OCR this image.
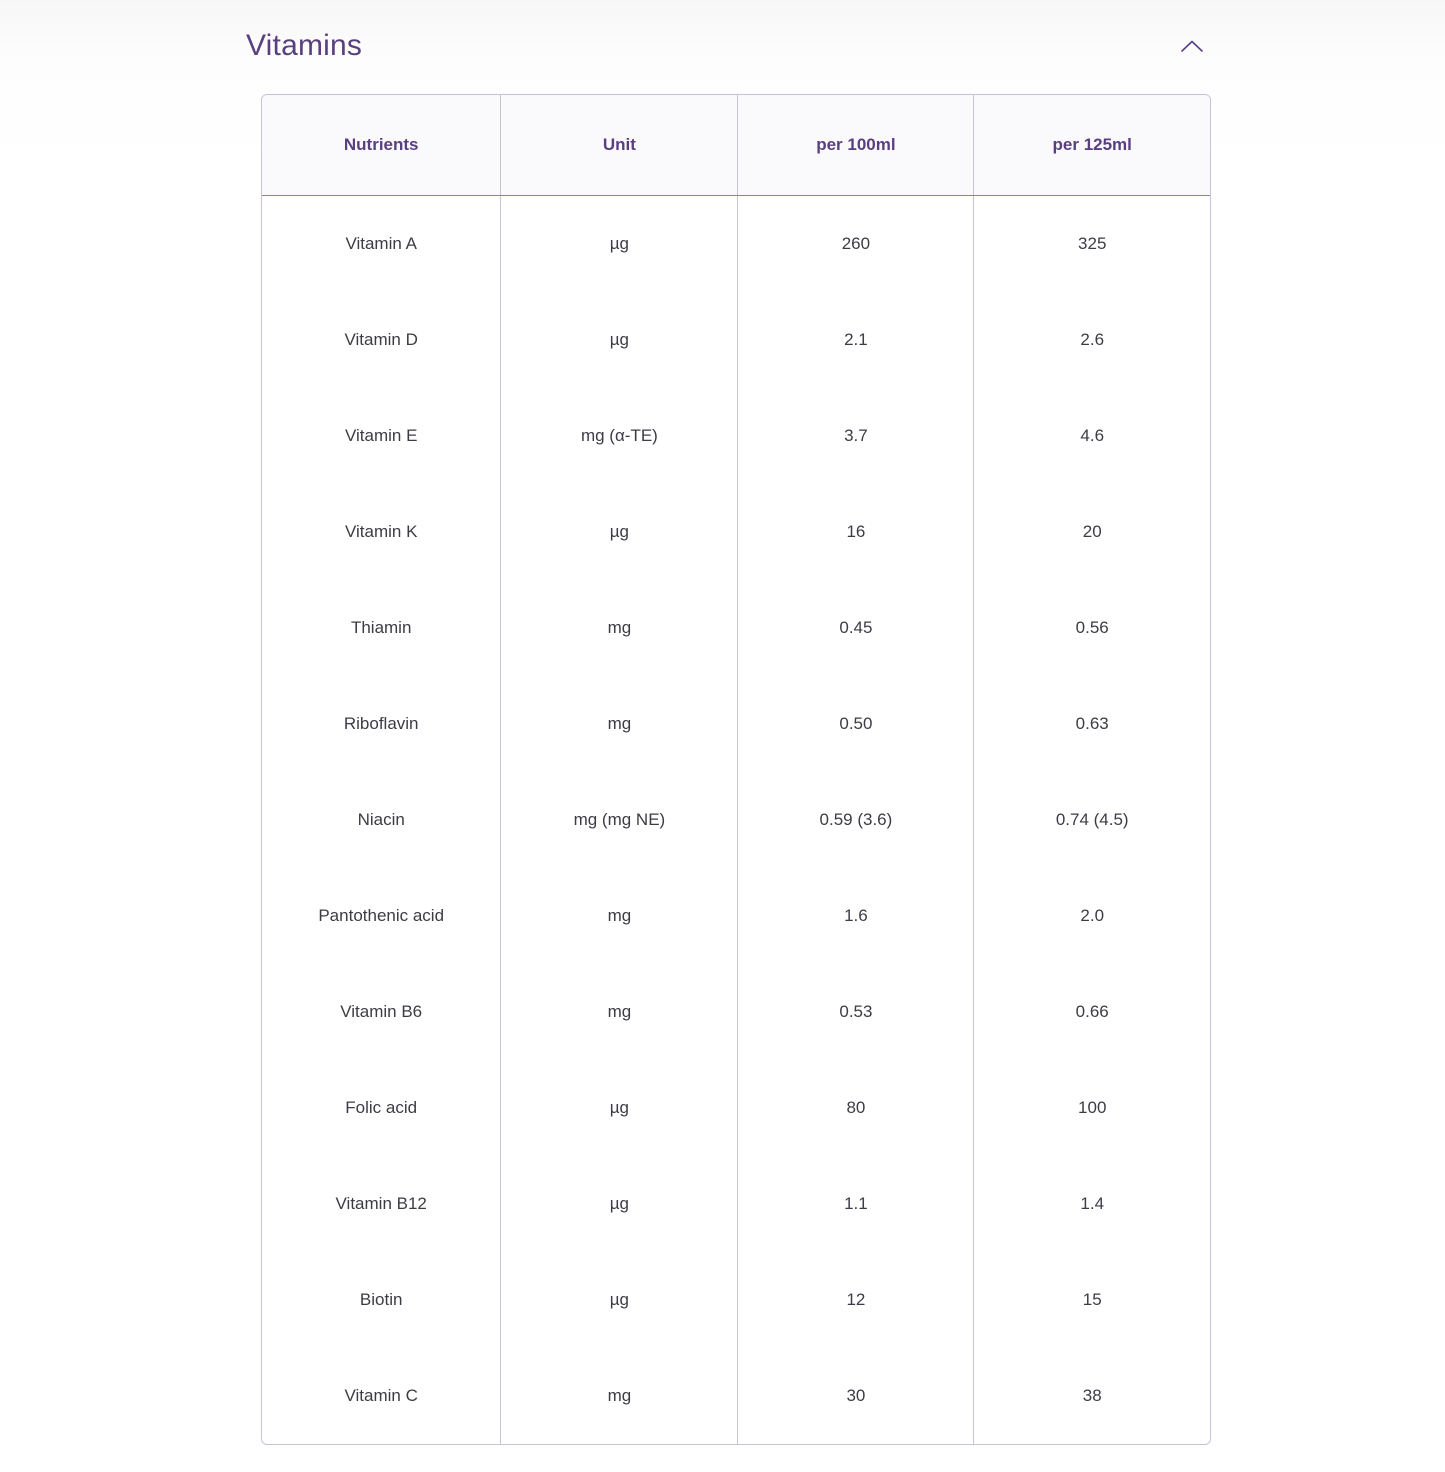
Vitamins
Nutrients	Unit	per 100ml	per 125ml
Vitamin A	µg	260	325
Vitamin D	µg	2.1	2.6
Vitamin E	mg (α-TE)	3.7	4.6
Vitamin K	µg	16	20
Thiamin	mg	0.45	0.56
Riboflavin	mg	0.50	0.63
Niacin	mg (mg NE)	0.59 (3.6)	0.74 (4.5)
Pantothenic acid	mg	1.6	2.0
Vitamin B6	mg	0.53	0.66
Folic acid	µg	80	100
Vitamin B12	µg	1.1	1.4
Biotin	µg	12	15
Vitamin C	mg	30	38
